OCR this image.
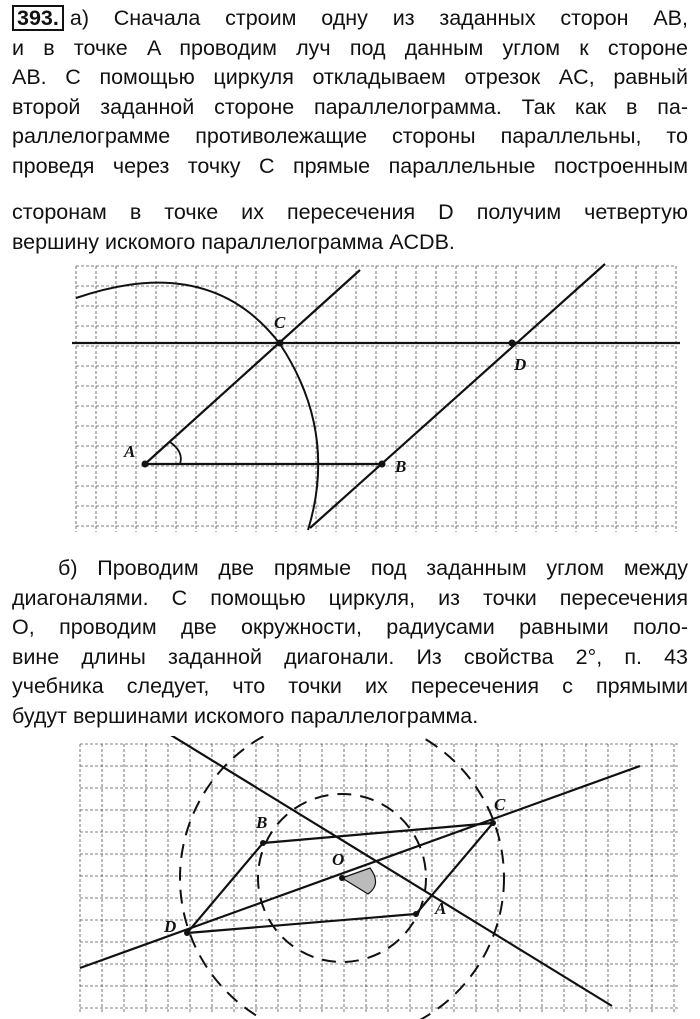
393. а) Сначала строим одну из заданных сторон AB,
и в точке A проводим луч под данным углом к стороне
AB. С помощью циркуля откладываем отрезок AC, равный
второй заданной стороне параллелограмма. Так как в па-
раллелограмме противолежащие стороны параллельны, то
проведя через точку C прямые параллельные построенным
сторонам в точке их пересечения D получим четвертую
вершину искомого параллелограмма ACDB.
A
B
C
D
б) Проводим две прямые под заданным углом между
диагоналями. С помощью циркуля, из точки пересечения
O, проводим две окружности, радиусами равными поло-
вине длины заданной диагонали. Из свойства 2°, п. 43
учебника следует, что точки их пересечения с прямыми
будут вершинами искомого параллелограмма.
B
C
A
D
O
